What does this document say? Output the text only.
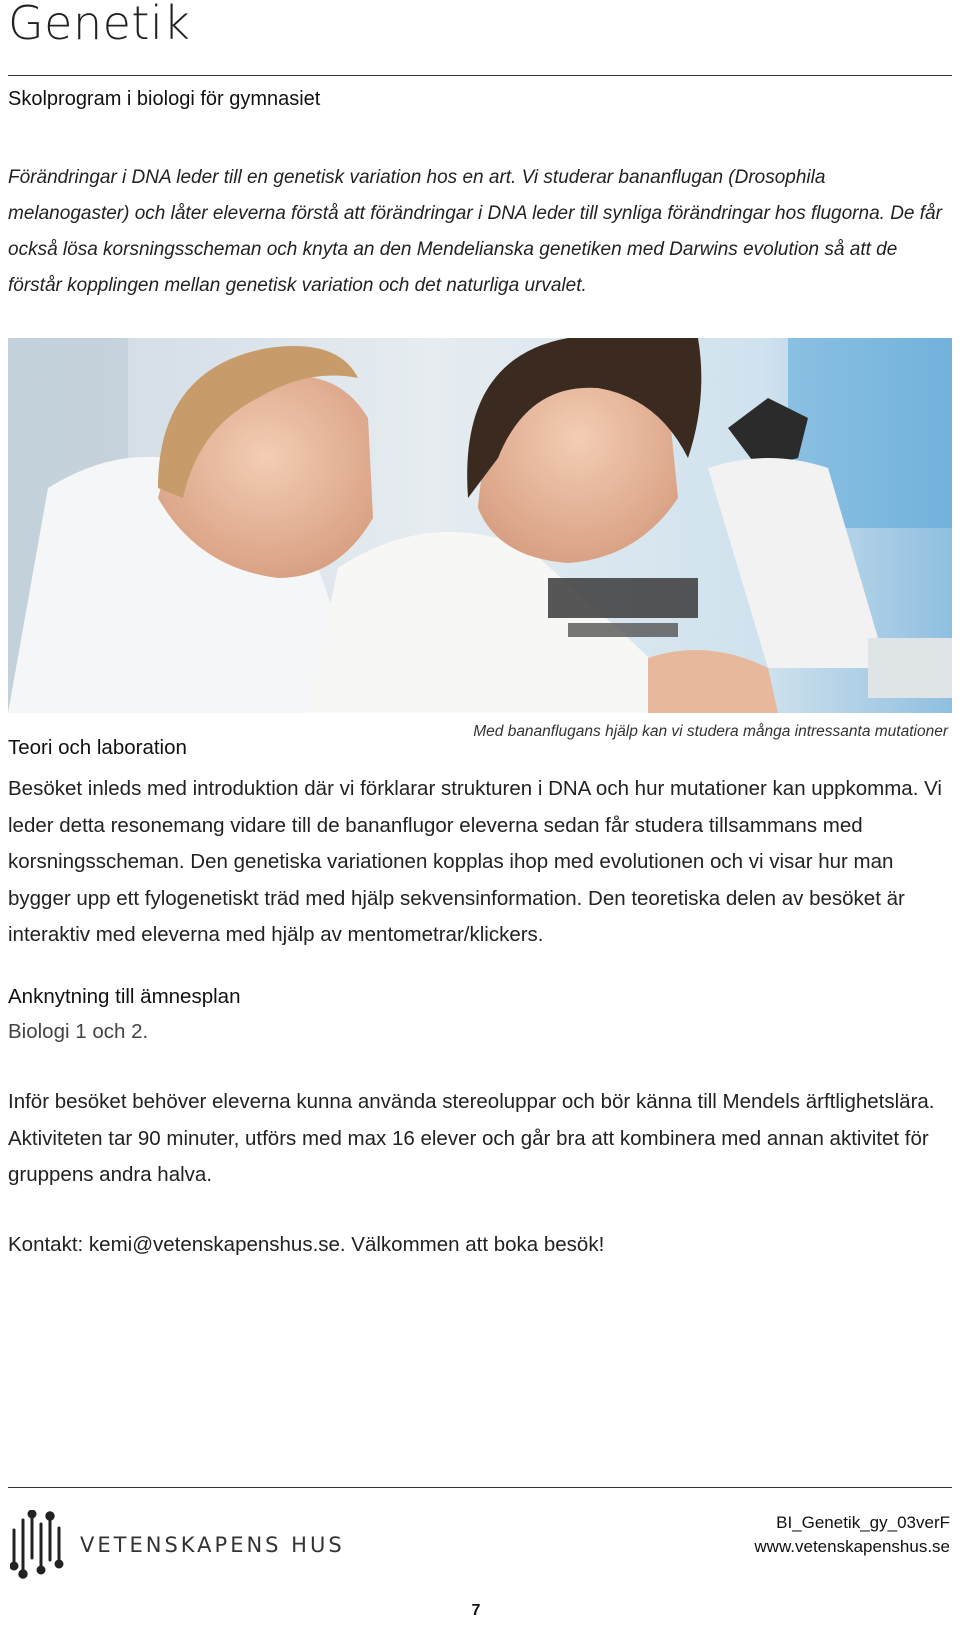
Genetik
Skolprogram i biologi för gymnasiet

Förändringar i DNA leder till en genetisk variation hos en art. Vi studerar bananflugan (Drosophila melanogaster) och låter eleverna förstå att förändringar i DNA leder till synliga förändringar hos flugorna. De får också lösa korsningsscheman och knyta an den Mendelianska genetiken med Darwins evolution så att de förstår kopplingen mellan genetisk variation och det naturliga urvalet.

Med bananflugans hjälp kan vi studera många intressanta mutationer
Teori och laboration

Besöket inleds med introduktion där vi förklarar strukturen i DNA och hur mutationer kan uppkomma. Vi leder detta resonemang vidare till de bananflugor eleverna sedan får studera tillsammans med korsningsscheman. Den genetiska variationen kopplas ihop med evolutionen och vi visar hur man bygger upp ett fylogenetiskt träd med hjälp sekvensinformation. Den teoretiska delen av besöket är interaktiv med eleverna med hjälp av mentometrar/klickers.

Anknytning till ämnesplan
Biologi 1 och 2.

Inför besöket behöver eleverna kunna använda stereoluppar och bör känna till Mendels ärftlighetslära. Aktiviteten tar 90 minuter, utförs med max 16 elever och går bra att kombinera med annan aktivitet för gruppens andra halva.

Kontakt: kemi@vetenskapenshus.se. Välkommen att boka besök!

VETENSKAPENS HUS
BI_Genetik_gy_03verF
www.vetenskapenshus.se
7
